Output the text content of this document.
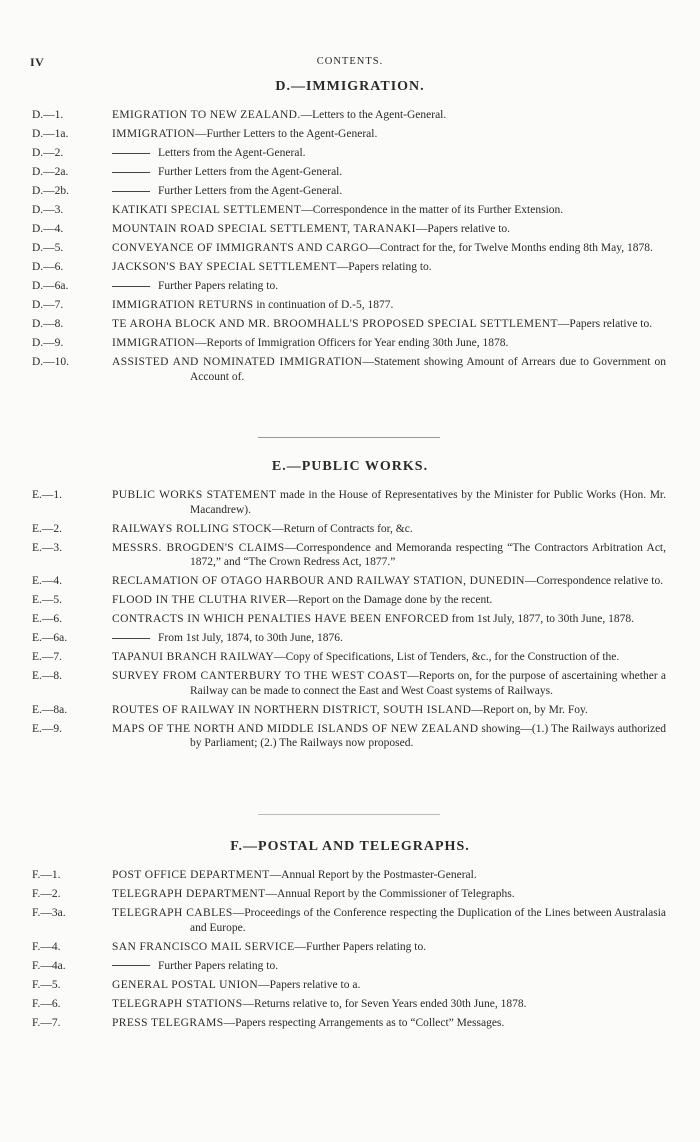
IV	CONTENTS.
D.—IMMIGRATION.
D.—1.	EMIGRATION TO NEW ZEALAND.—Letters to the Agent-General.
D.—1a.	IMMIGRATION—Further Letters to the Agent-General.
D.—2.	Letters from the Agent-General.
D.—2a.	Further Letters from the Agent-General.
D.—2b.	Further Letters from the Agent-General.
D.—3.	KATIKATI SPECIAL SETTLEMENT—Correspondence in the matter of its Further Extension.
D.—4.	MOUNTAIN ROAD SPECIAL SETTLEMENT, TARANAKI—Papers relative to.
D.—5.	CONVEYANCE OF IMMIGRANTS AND CARGO—Contract for the, for Twelve Months ending 8th May, 1878.
D.—6.	JACKSON'S BAY SPECIAL SETTLEMENT—Papers relating to.
D.—6a.	Further Papers relating to.
D.—7.	IMMIGRATION RETURNS in continuation of D.-5, 1877.
D.—8.	TE AROHA BLOCK AND MR. BROOMHALL'S PROPOSED SPECIAL SETTLEMENT—Papers relative to.
D.—9.	IMMIGRATION—Reports of Immigration Officers for Year ending 30th June, 1878.
D.—10.	ASSISTED AND NOMINATED IMMIGRATION—Statement showing Amount of Arrears due to Government on Account of.
E.—PUBLIC WORKS.
E.—1.	PUBLIC WORKS STATEMENT made in the House of Representatives by the Minister for Public Works (Hon. Mr. Macandrew).
E.—2.	RAILWAYS ROLLING STOCK—Return of Contracts for, &c.
E.—3.	MESSRS. BROGDEN'S CLAIMS—Correspondence and Memoranda respecting “The Contractors Arbitration Act, 1872,” and “The Crown Redress Act, 1877.”
E.—4.	RECLAMATION OF OTAGO HARBOUR AND RAILWAY STATION, DUNEDIN—Correspondence relative to.
E.—5.	FLOOD IN THE CLUTHA RIVER—Report on the Damage done by the recent.
E.—6.	CONTRACTS IN WHICH PENALTIES HAVE BEEN ENFORCED from 1st July, 1877, to 30th June, 1878.
E.—6a.	From 1st July, 1874, to 30th June, 1876.
E.—7.	TAPANUI BRANCH RAILWAY—Copy of Specifications, List of Tenders, &c., for the Construction of the.
E.—8.	SURVEY FROM CANTERBURY TO THE WEST COAST—Reports on, for the purpose of ascertaining whether a Railway can be made to connect the East and West Coast systems of Railways.
E.—8a.	ROUTES OF RAILWAY IN NORTHERN DISTRICT, SOUTH ISLAND—Report on, by Mr. Foy.
E.—9.	MAPS OF THE NORTH AND MIDDLE ISLANDS OF NEW ZEALAND showing—(1.) The Railways authorized by Parliament; (2.) The Railways now proposed.
F.—POSTAL AND TELEGRAPHS.
F.—1.	POST OFFICE DEPARTMENT—Annual Report by the Postmaster-General.
F.—2.	TELEGRAPH DEPARTMENT—Annual Report by the Commissioner of Telegraphs.
F.—3a.	TELEGRAPH CABLES—Proceedings of the Conference respecting the Duplication of the Lines between Australasia and Europe.
F.—4.	SAN FRANCISCO MAIL SERVICE—Further Papers relating to.
F.—4a.	Further Papers relating to.
F.—5.	GENERAL POSTAL UNION—Papers relative to a.
F.—6.	TELEGRAPH STATIONS—Returns relative to, for Seven Years ended 30th June, 1878.
F.—7.	PRESS TELEGRAMS—Papers respecting Arrangements as to “Collect” Messages.
